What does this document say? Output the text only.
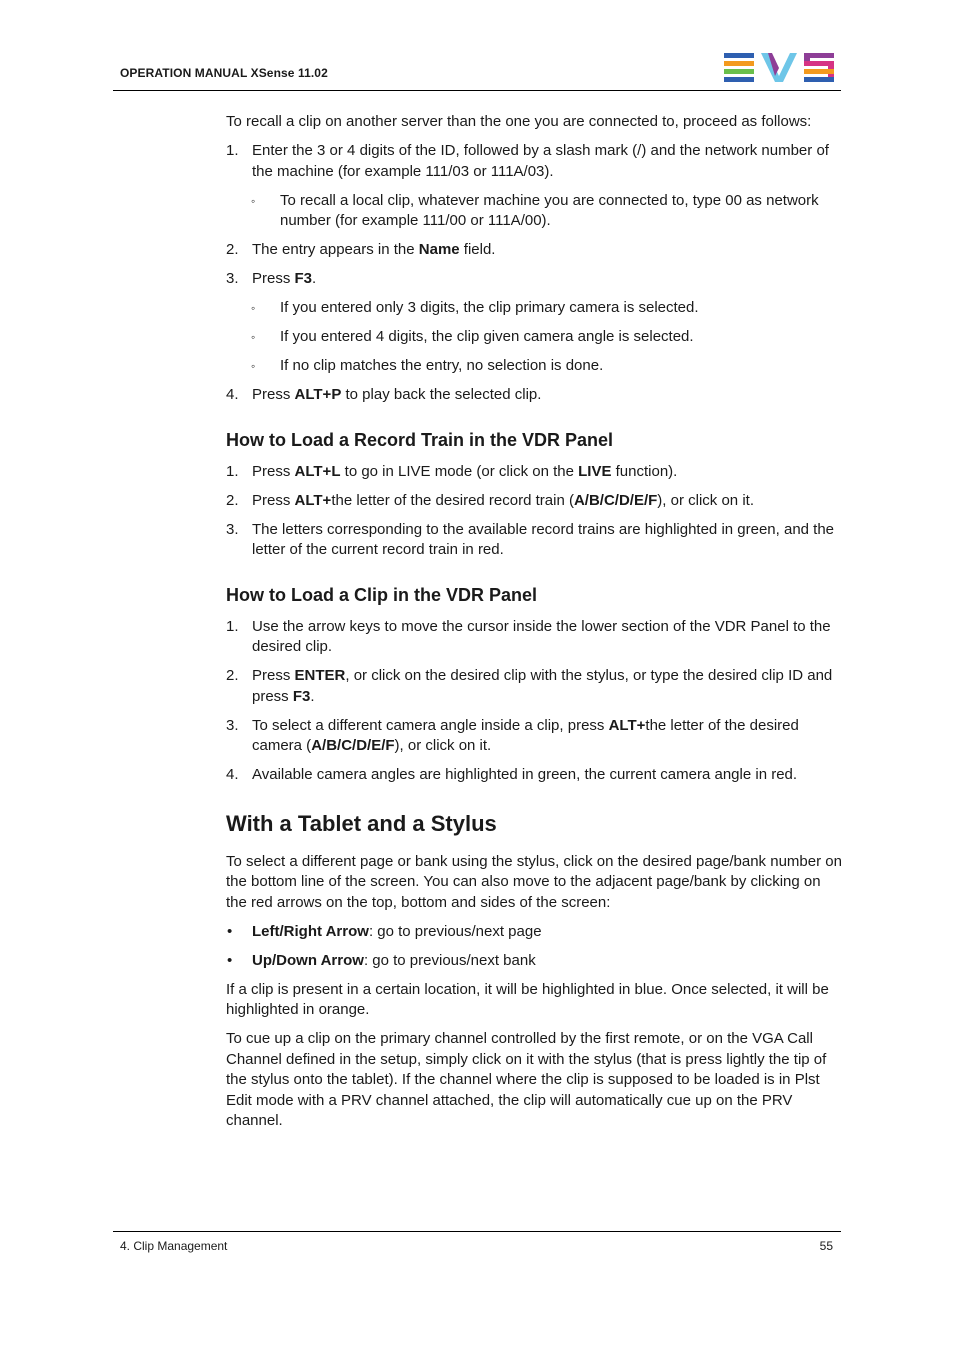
OPERATION MANUAL XSense 11.02

To recall a clip on another server than the one you are connected to, proceed as follows:

1. Enter the 3 or 4 digits of the ID, followed by a slash mark (/) and the network number of the machine (for example 111/03 or 111A/03).
◦ To recall a local clip, whatever machine you are connected to, type 00 as network number (for example 111/00 or 111A/00).
2. The entry appears in the Name field.
3. Press F3.
◦ If you entered only 3 digits, the clip primary camera is selected.
◦ If you entered 4 digits, the clip given camera angle is selected.
◦ If no clip matches the entry, no selection is done.
4. Press ALT+P to play back the selected clip.
How to Load a Record Train in the VDR Panel
1. Press ALT+L to go in LIVE mode (or click on the LIVE function).
2. Press ALT+the letter of the desired record train (A/B/C/D/E/F), or click on it.
3. The letters corresponding to the available record trains are highlighted in green, and the letter of the current record train in red.
How to Load a Clip in the VDR Panel
1. Use the arrow keys to move the cursor inside the lower section of the VDR Panel to the desired clip.
2. Press ENTER, or click on the desired clip with the stylus, or type the desired clip ID and press F3.
3. To select a different camera angle inside a clip, press ALT+the letter of the desired camera (A/B/C/D/E/F), or click on it.
4. Available camera angles are highlighted in green, the current camera angle in red.
With a Tablet and a Stylus

To select a different page or bank using the stylus, click on the desired page/bank number on the bottom line of the screen. You can also move to the adjacent page/bank by clicking on the red arrows on the top, bottom and sides of the screen:

• Left/Right Arrow: go to previous/next page
• Up/Down Arrow: go to previous/next bank

If a clip is present in a certain location, it will be highlighted in blue. Once selected, it will be highlighted in orange.

To cue up a clip on the primary channel controlled by the first remote, or on the VGA Call Channel defined in the setup, simply click on it with the stylus (that is press lightly the tip of the stylus onto the tablet). If the channel where the clip is supposed to be loaded is in Plst Edit mode with a PRV channel attached, the clip will automatically cue up on the PRV channel.

4. Clip Management	55
